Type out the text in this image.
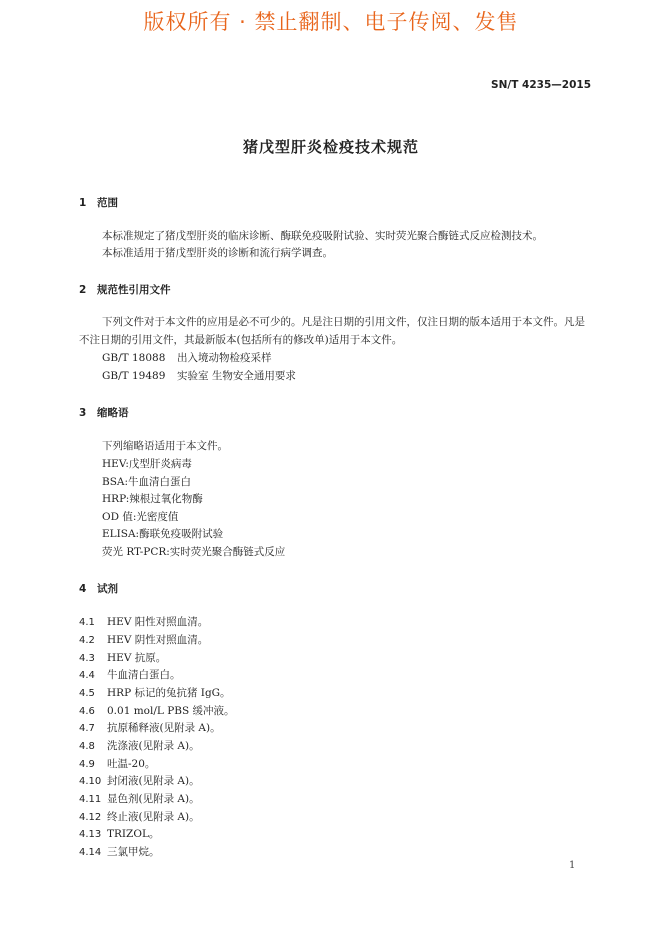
版权所有 · 禁止翻制、电子传阅、发售
SN/T 4235—2015
猪戊型肝炎检疫技术规范
1 范围
本标准规定了猪戊型肝炎的临床诊断、酶联免疫吸附试验、实时荧光聚合酶链式反应检测技术。
本标准适用于猪戊型肝炎的诊断和流行病学调查。
2 规范性引用文件
下列文件对于本文件的应用是必不可少的。凡是注日期的引用文件，仅注日期的版本适用于本文件。凡是不注日期的引用文件，其最新版本(包括所有的修改单)适用于本文件。
GB/T 18088 出入境动物检疫采样
GB/T 19489 实验室 生物安全通用要求
3 缩略语
下列缩略语适用于本文件。
HEV:戊型肝炎病毒
BSA:牛血清白蛋白
HRP:辣根过氧化物酶
OD 值:光密度值
ELISA:酶联免疫吸附试验
荧光 RT-PCR:实时荧光聚合酶链式反应
4 试剂
4.1 HEV 阳性对照血清。
4.2 HEV 阴性对照血清。
4.3 HEV 抗原。
4.4 牛血清白蛋白。
4.5 HRP 标记的兔抗猪 IgG。
4.6 0.01 mol/L PBS 缓冲液。
4.7 抗原稀释液(见附录 A)。
4.8 洗涤液(见附录 A)。
4.9 吐温-20。
4.10 封闭液(见附录 A)。
4.11 显色剂(见附录 A)。
4.12 终止液(见附录 A)。
4.13 TRIZOL。
4.14 三氯甲烷。
1
